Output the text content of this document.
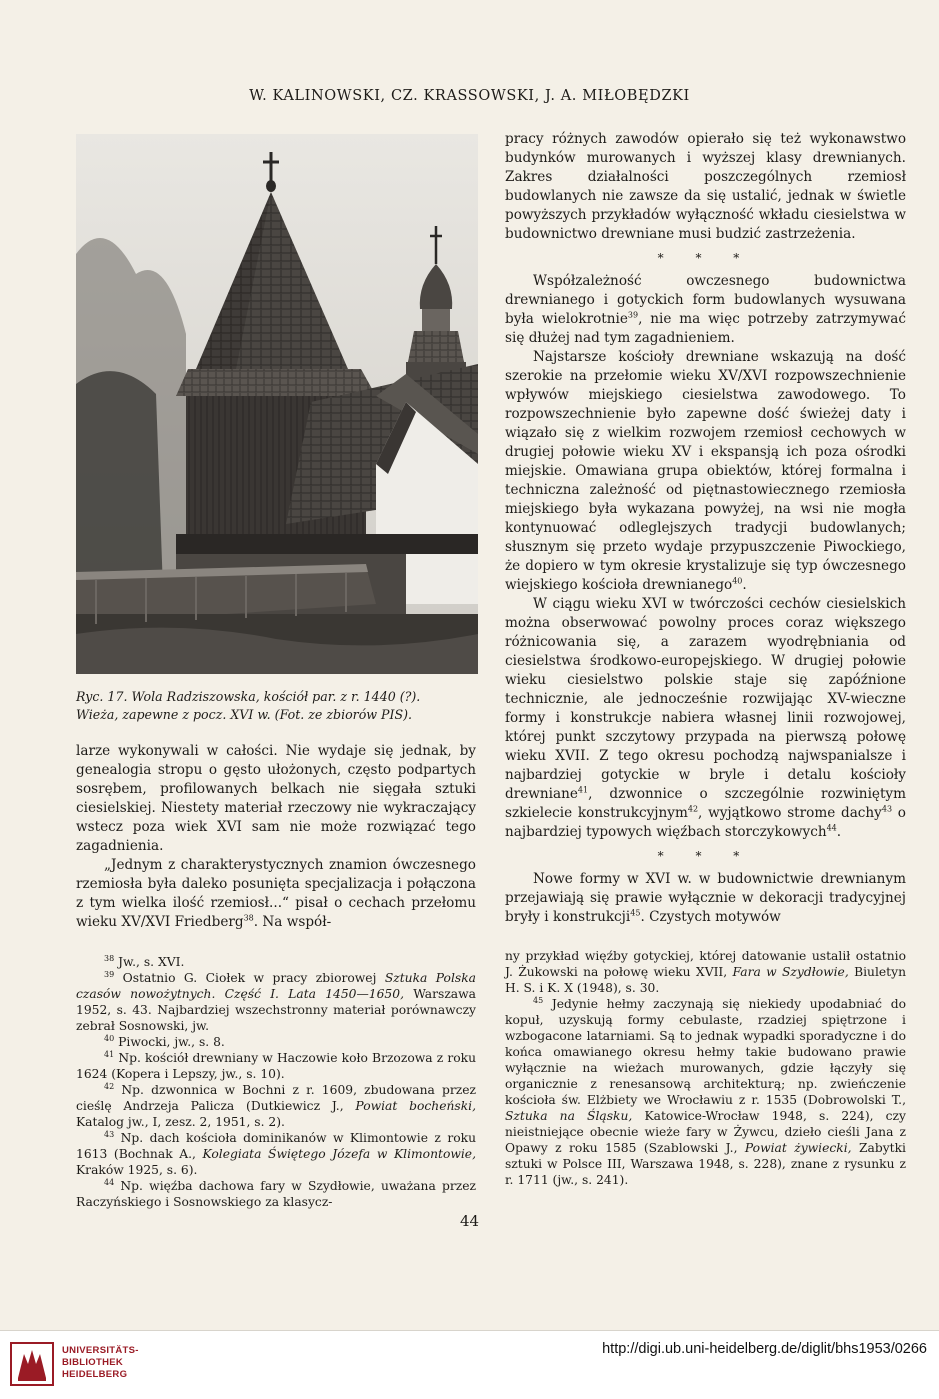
W. KALINOWSKI, CZ. KRASSOWSKI, J. A. MIŁOBĘDZKI
Ryc. 17. Wola Radziszowska, kościół par. z r. 1440 (?).
Wieża, zapewne z pocz. XVI w. (Fot. ze zbiorów PIS).

larze wykonywali w całości. Nie wydaje się jednak, by genealogia stropu o gęsto ułożonych, często podpartych sosrębem, profilowanych belkach nie sięgała sztuki ciesielskiej. Niestety materiał rzeczowy nie wykraczający wstecz poza wiek XVI sam nie może rozwiązać tego zagadnienia.

„Jednym z charakterystycznych znamion ówczesnego rzemiosła była daleko posunięta specjalizacja i połączona z tym wielka ilość rzemiosł...“ pisał o cechach przełomu wieku XV/XVI Friedberg$^{38}$. Na współ-

pracy różnych zawodów opierało się też wykonawstwo budynków murowanych i wyższej klasy drewnianych. Zakres działalności poszczególnych rzemiosł budowlanych nie zawsze da się ustalić, jednak w świetle powyższych przykładów wyłączność wkładu ciesielstwa w budownictwo drewniane musi budzić zastrzeżenia.

* * *

Współzależność owczesnego budownictwa drewnianego i gotyckich form budowlanych wysuwana była wielokrotnie$^{39}$, nie ma więc potrzeby zatrzymywać się dłużej nad tym zagadnieniem.

Najstarsze kościoły drewniane wskazują na dość szerokie na przełomie wieku XV/XVI rozpowszechnienie wpływów miejskiego ciesielstwa zawodowego. To rozpowszechnienie było zapewne dość świeżej daty i wiązało się z wielkim rozwojem rzemiosł cechowych w drugiej połowie wieku XV i ekspansją ich poza ośrodki miejskie. Omawiana grupa obiektów, której formalna i techniczna zależność od piętnastowiecznego rzemiosła miejskiego była wykazana powyżej, na wsi nie mogła kontynuować odleglejszych tradycji budowlanych; słusznym się przeto wydaje przypuszczenie Piwockiego, że dopiero w tym okresie krystalizuje się typ ówczesnego wiejskiego kościoła drewnianego$^{40}$.

W ciągu wieku XVI w twórczości cechów ciesielskich można obserwować powolny proces coraz większego różnicowania się, a zarazem wyodrębniania od ciesielstwa środkowo-europejskiego. W drugiej połowie wieku ciesielstwo polskie staje się zapóźnione technicznie, ale jednocześnie rozwijając XV-wieczne formy i konstrukcje nabiera własnej linii rozwojowej, której punkt szczytowy przypada na pierwszą połowę wieku XVII. Z tego okresu pochodzą najwspanialsze i najbardziej gotyckie w bryle i detalu kościoły drewniane$^{41}$, dzwonnice o szczególnie rozwiniętym szkielecie konstrukcyjnym$^{42}$, wyjątkowo strome dachy$^{43}$ o najbardziej typowych więźbach storczykowych$^{44}$.

* * *

Nowe formy w XVI w. w budownictwie drewnianym przejawiają się prawie wyłącznie w dekoracji tradycyjnej bryły i konstrukcji$^{45}$. Czystych motywów

$^{38}$ Jw., s. XVI.

$^{39}$ Ostatnio G. Ciołek w pracy zbiorowej Sztuka Polska czasów nowożytnych. Część I. Lata 1450—1650, Warszawa 1952, s. 43. Najbardziej wszechstronny materiał porównawczy zebrał Sosnowski, jw.

$^{40}$ Piwocki, jw., s. 8.

$^{41}$ Np. kościół drewniany w Haczowie koło Brzozowa z roku 1624 (Kopera i Lepszy, jw., s. 10).

$^{42}$ Np. dzwonnica w Bochni z r. 1609, zbudowana przez cieślę Andrzeja Palicza (Dutkiewicz J., Powiat bocheński, Katalog jw., I, zesz. 2, 1951, s. 2).

$^{43}$ Np. dach kościoła dominikanów w Klimontowie z roku 1613 (Bochnak A., Kolegiata Świętego Józefa w Klimontowie, Kraków 1925, s. 6).

$^{44}$ Np. więźba dachowa fary w Szydłowie, uważana przez Raczyńskiego i Sosnowskiego za klasycz-

ny przykład więźby gotyckiej, której datowanie ustalił ostatnio J. Żukowski na połowę wieku XVII, Fara w Szydłowie, Biuletyn H. S. i K. X (1948), s. 30.

$^{45}$ Jedynie hełmy zaczynają się niekiedy upodabniać do kopuł, uzyskują formy cebulaste, rzadziej spiętrzone i wzbogacone latarniami. Są to jednak wypadki sporadyczne i do końca omawianego okresu hełmy takie budowano prawie wyłącznie na wieżach murowanych, gdzie łączyły się organicznie z renesansową architekturą; np. zwieńczenie kościoła św. Elżbiety we Wrocławiu z r. 1535 (Dobrowolski T., Sztuka na Śląsku, Katowice-Wrocław 1948, s. 224), czy nieistniejące obecnie wieże fary w Żywcu, dzieło cieśli Jana z Opawy z roku 1585 (Szablowski J., Powiat żywiecki, Zabytki sztuki w Polsce III, Warszawa 1948, s. 228), znane z rysunku z r. 1711 (jw., s. 241).

44
UNIVERSITÄTS-
BIBLIOTHEK
HEIDELBERG
http://digi.ub.uni-heidelberg.de/diglit/bhs1953/0266
